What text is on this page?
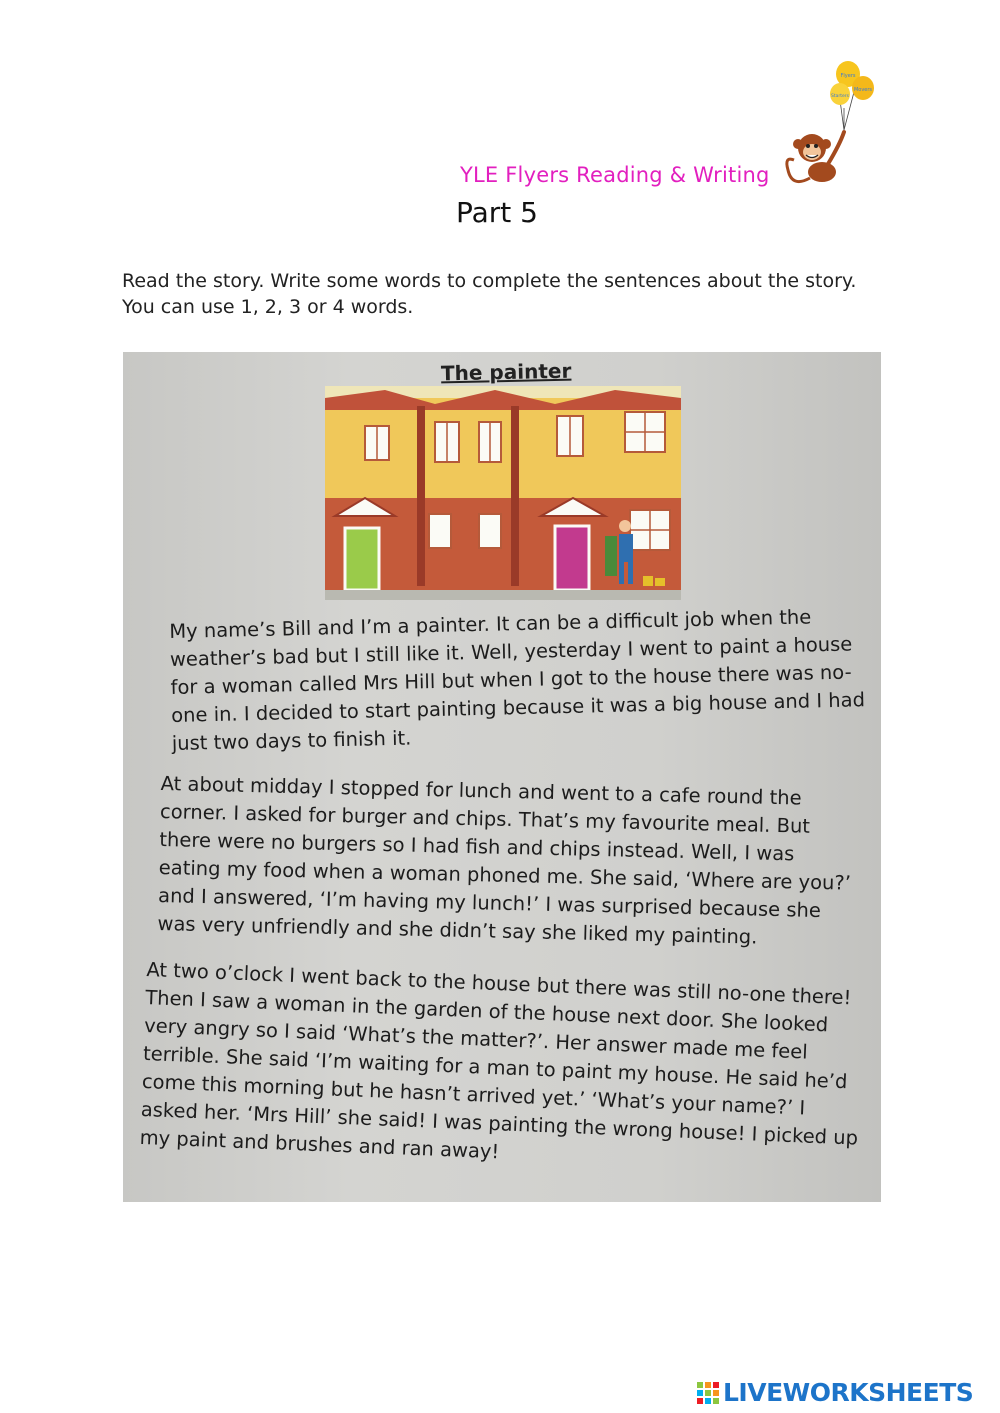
YLE Flyers Reading & Writing
Part 5
Flyers
Movers
Starters
Read the story. Write some words to complete the sentences about the story. You can use 1, 2, 3 or 4 words.
The painter
My name’s Bill and I’m a painter. It can be a difficult job when the weather’s bad but I still like it. Well, yesterday I went to paint a house for a woman called Mrs Hill but when I got to the house there was no-one in. I decided to start painting because it was a big house and I had just two days to finish it.
At about midday I stopped for lunch and went to a cafe round the corner. I asked for burger and chips. That’s my favourite meal. But there were no burgers so I had fish and chips instead. Well, I was eating my food when a woman phoned me. She said, ‘Where are you?’ and I answered, ‘I’m having my lunch!’ I was surprised because she was very unfriendly and she didn’t say she liked my painting.
At two o’clock I went back to the house but there was still no-one there! Then I saw a woman in the garden of the house next door. She looked very angry so I said ‘What’s the matter?’. Her answer made me feel terrible. She said ‘I’m waiting for a man to paint my house. He said he’d come this morning but he hasn’t arrived yet.’ ‘What’s your name?’ I asked her. ‘Mrs Hill’ she said! I was painting the wrong house! I picked up my paint and brushes and ran away!
LIVEWORKSHEETS
